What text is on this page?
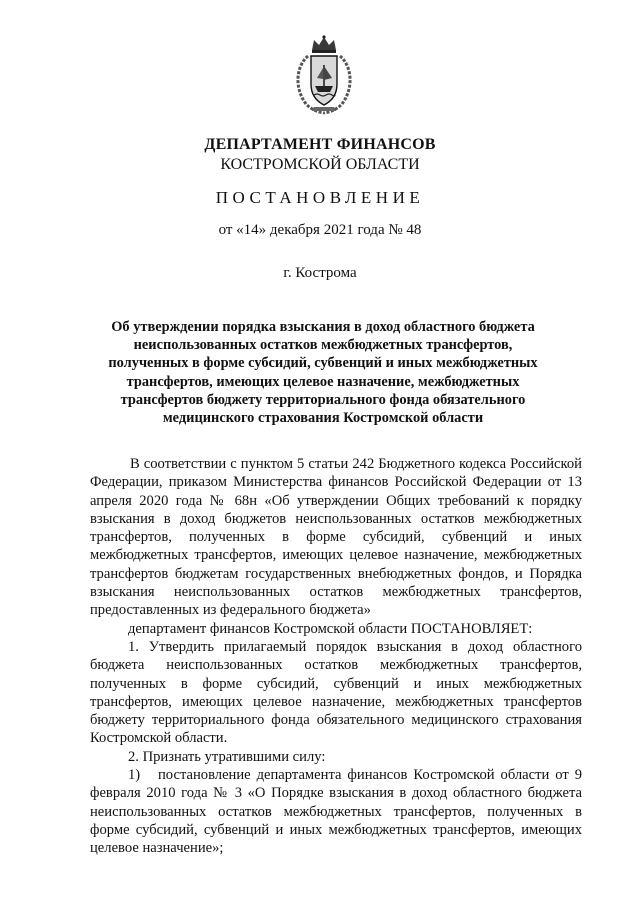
ДЕПАРТАМЕНТ ФИНАНСОВ
КОСТРОМСКОЙ ОБЛАСТИ
ПОСТАНОВЛЕНИЕ
от «14» декабря 2021 года № 48
г. Кострома
Об утверждении порядка взыскания в доход областного бюджета неиспользованных остатков межбюджетных трансфертов, полученных в форме субсидий, субвенций и иных межбюджетных трансфертов, имеющих целевое назначение, межбюджетных трансфертов бюджету территориального фонда обязательного медицинского страхования Костромской области

В соответствии с пунктом 5 статьи 242 Бюджетного кодекса Российской Федерации, приказом Министерства финансов Российской Федерации от 13 апреля 2020 года № 68н «Об утверждении Общих требований к порядку взыскания в доход бюджетов неиспользованных остатков межбюджетных трансфертов, полученных в форме субсидий, субвенций и иных межбюджетных трансфертов, имеющих целевое назначение, межбюджетных трансфертов бюджетам государственных внебюджетных фондов, и Порядка взыскания неиспользованных остатков межбюджетных трансфертов, предоставленных из федерального бюджета»

департамент финансов Костромской области ПОСТАНОВЛЯЕТ:

1. Утвердить прилагаемый порядок взыскания в доход областного бюджета неиспользованных остатков межбюджетных трансфертов, полученных в форме субсидий, субвенций и иных межбюджетных трансфертов, имеющих целевое назначение, межбюджетных трансфертов бюджету территориального фонда обязательного медицинского страхования Костромской области.

2. Признать утратившими силу:

1) постановление департамента финансов Костромской области от 9 февраля 2010 года № 3 «О Порядке взыскания в доход областного бюджета неиспользованных остатков межбюджетных трансфертов, полученных в форме субсидий, субвенций и иных межбюджетных трансфертов, имеющих целевое назначение»;
